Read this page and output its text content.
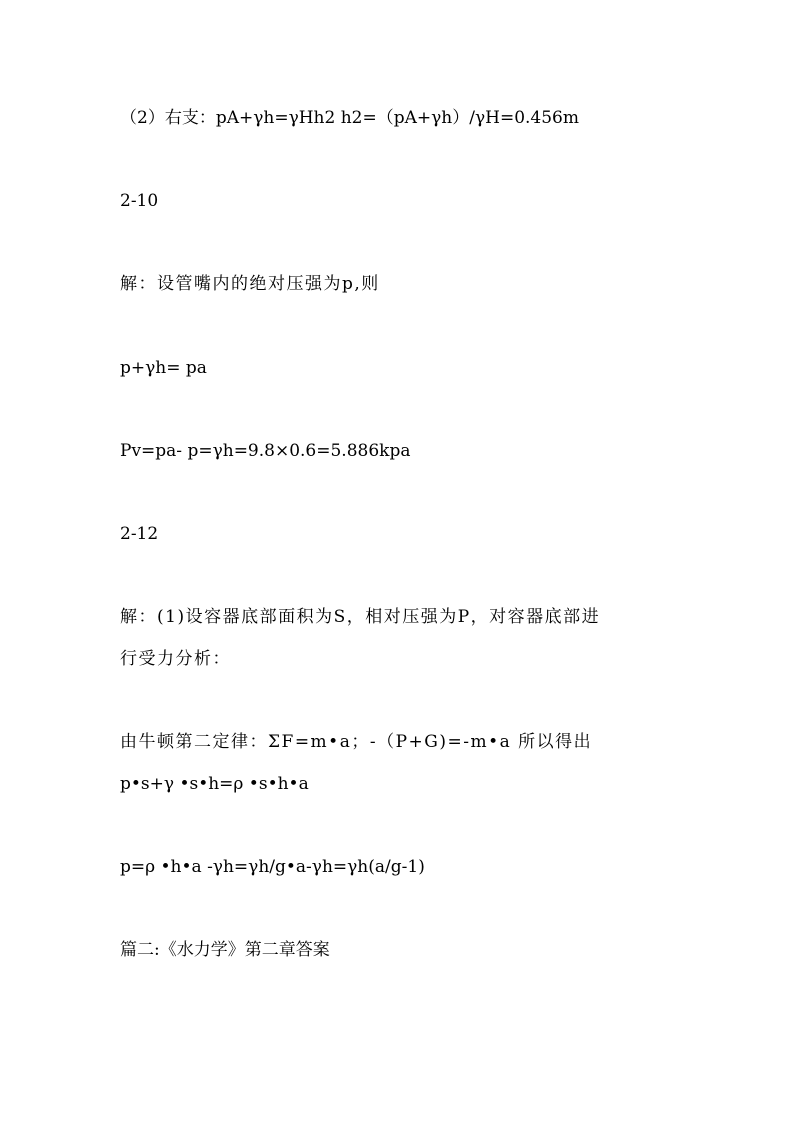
（2）右支：pA+γh=γHh2 h2=（pA+γh）/γH=0.456m
2-10
解：设管嘴内的绝对压强为p,则
p+γh= pa
Pv=pa- p=γh=9.8×0.6=5.886kpa
2-12
解：(1)设容器底部面积为S，相对压强为P，对容器底部进
行受力分析：
由牛顿第二定律：ΣF=m•a；-（P+G)=-m•a 所以得出
p•s+γ •s•h=ρ •s•h•a
p=ρ •h•a -γh=γh/g•a-γh=γh(a/g-1)
篇二:《水力学》第二章答案
